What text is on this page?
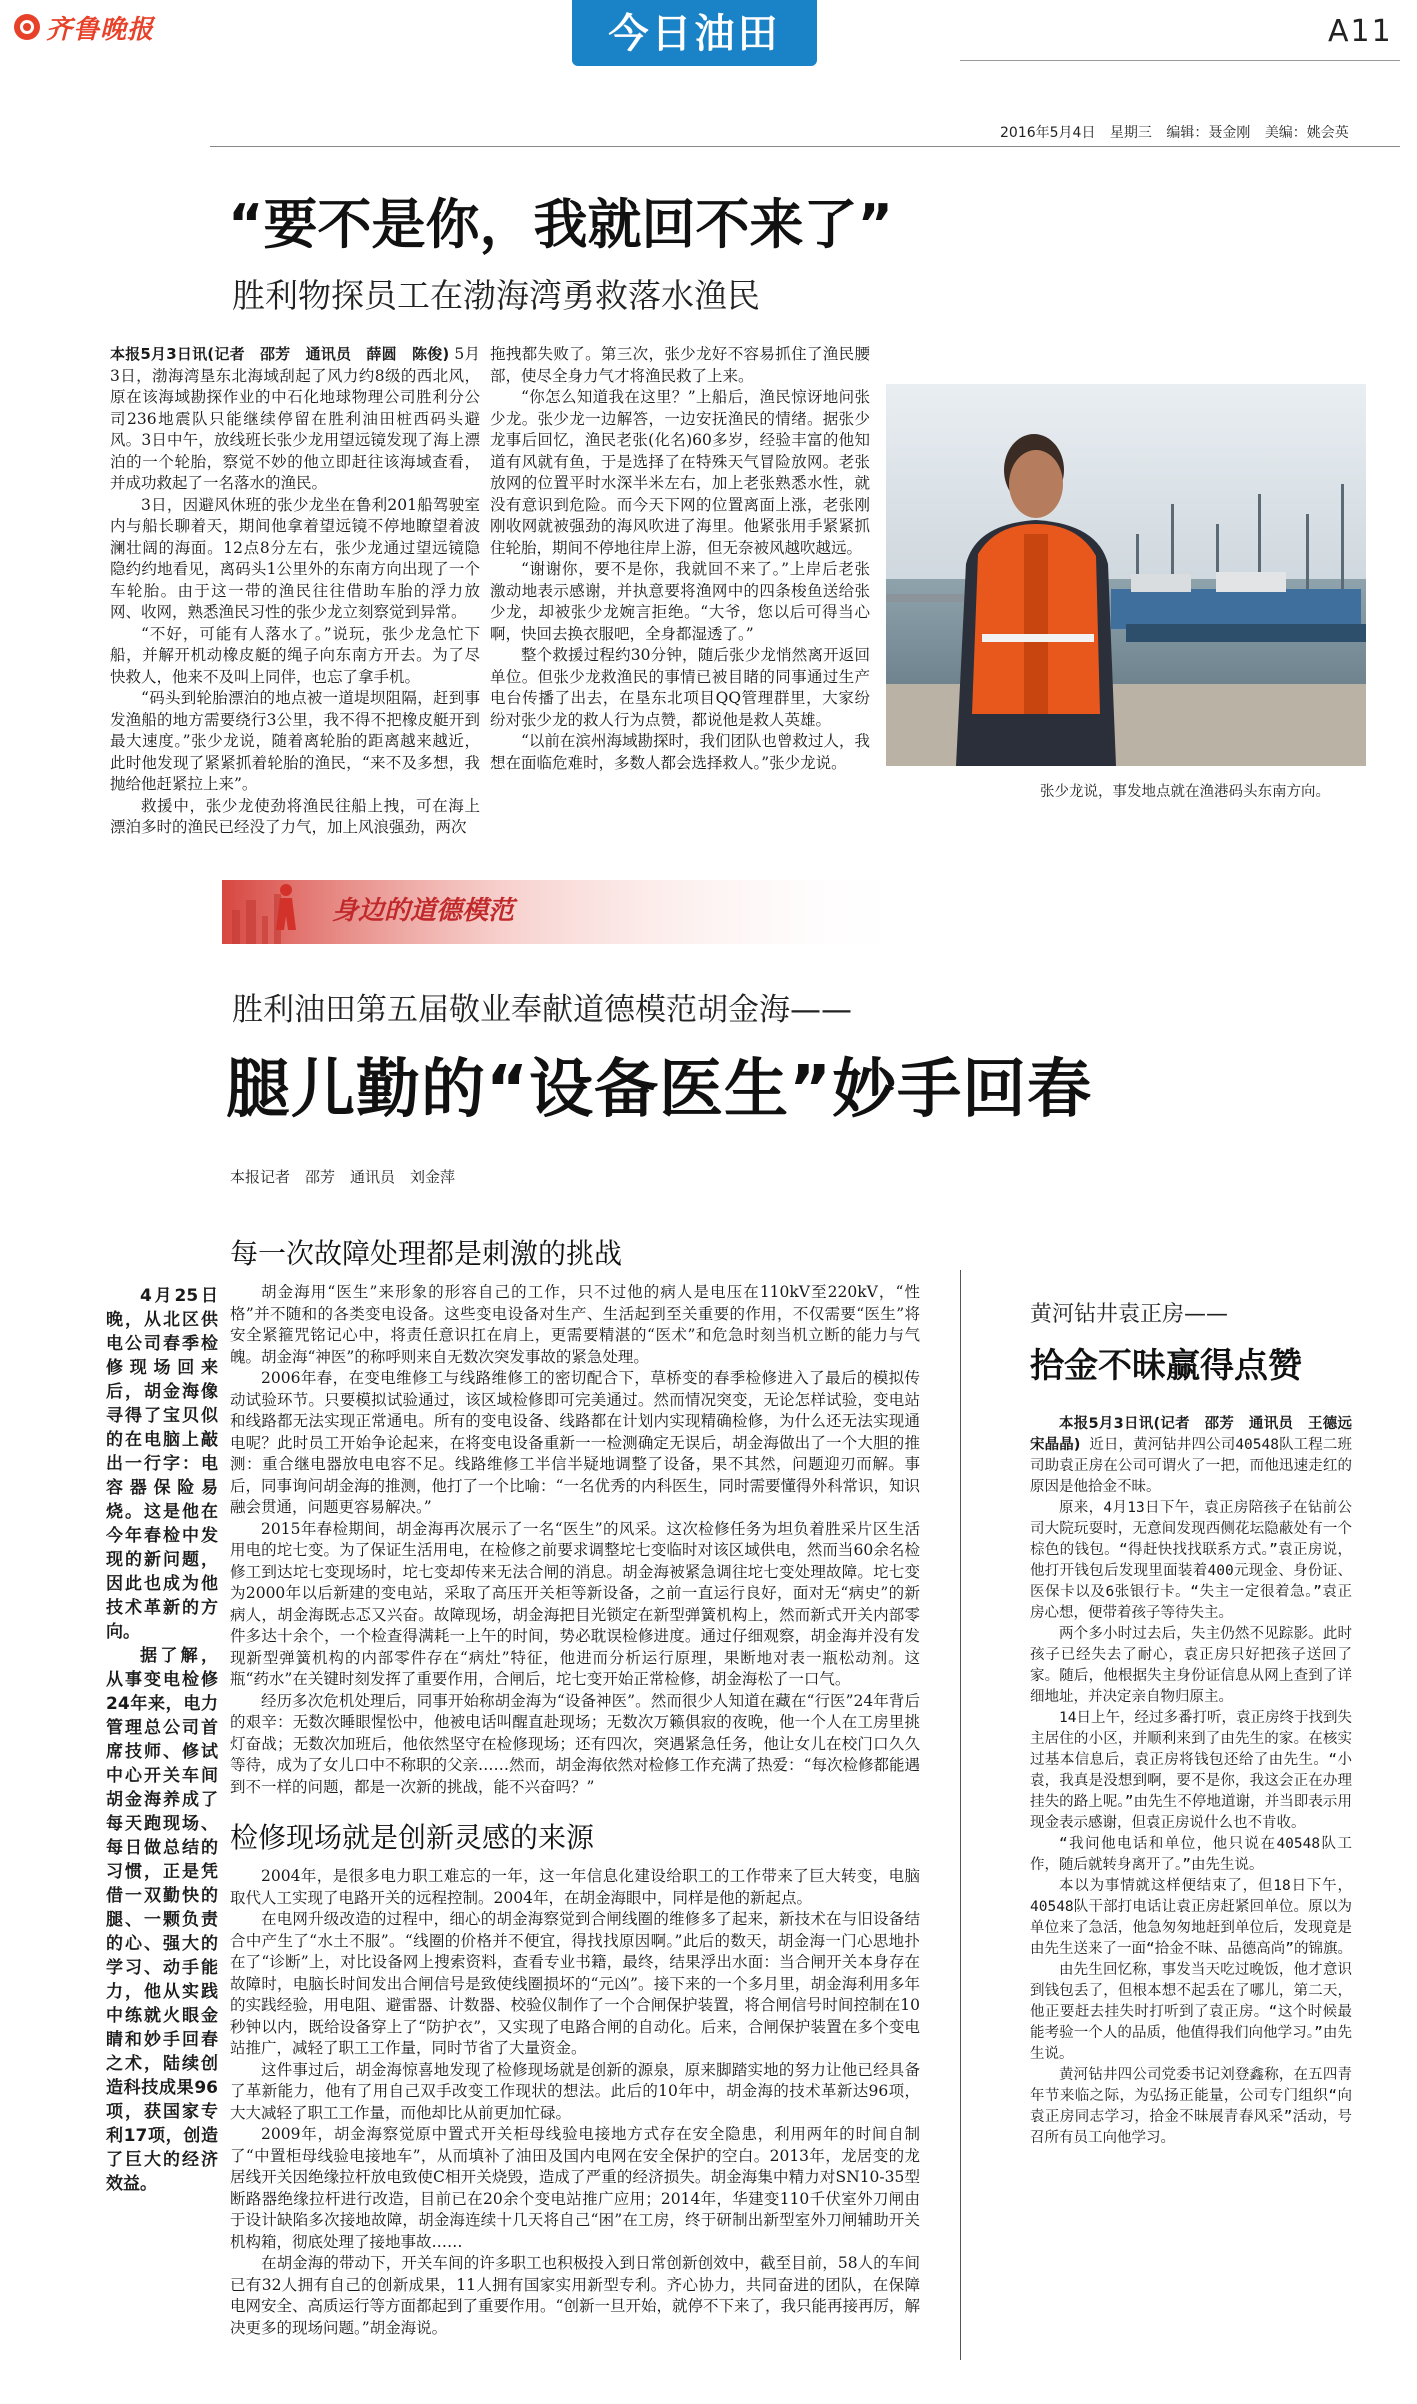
齐鲁晚报	今日油田	A11
2016年5月4日 星期三 编辑：聂金刚 美编：姚会英
“要不是你，我就回不来了”
胜利物探员工在渤海湾勇救落水渔民
本报5月3日讯(记者　邵芳　通讯员　薛圆　陈俊) 5月3日，渤海湾垦东北海域刮起了风力约8级的西北风，原在该海域勘探作业的中石化地球物理公司胜利分公司236地震队只能继续停留在胜利油田桩西码头避风。3日中午，放线班长张少龙用望远镜发现了海上漂泊的一个轮胎，察觉不妙的他立即赶往该海域查看，并成功救起了一名落水的渔民。

3日，因避风休班的张少龙坐在鲁利201船驾驶室内与船长聊着天，期间他拿着望远镜不停地瞭望着波澜壮阔的海面。12点8分左右，张少龙通过望远镜隐隐约约地看见，离码头1公里外的东南方向出现了一个车轮胎。由于这一带的渔民往往借助车胎的浮力放网、收网，熟悉渔民习性的张少龙立刻察觉到异常。

“不好，可能有人落水了。”说玩，张少龙急忙下船，并解开机动橡皮艇的绳子向东南方开去。为了尽快救人，他来不及叫上同伴，也忘了拿手机。

“码头到轮胎漂泊的地点被一道堤坝阻隔，赶到事发渔船的地方需要绕行3公里，我不得不把橡皮艇开到最大速度。”张少龙说，随着离轮胎的距离越来越近，此时他发现了紧紧抓着轮胎的渔民，“来不及多想，我抛给他赶紧拉上来”。

救援中，张少龙使劲将渔民往船上拽，可在海上漂泊多时的渔民已经没了力气，加上风浪强劲，两次

拖拽都失败了。第三次，张少龙好不容易抓住了渔民腰部，使尽全身力气才将渔民救了上来。

“你怎么知道我在这里？”上船后，渔民惊讶地问张少龙。张少龙一边解答，一边安抚渔民的情绪。据张少龙事后回忆，渔民老张(化名)60多岁，经验丰富的他知道有风就有鱼，于是选择了在特殊天气冒险放网。老张放网的位置平时水深半米左右，加上老张熟悉水性，就没有意识到危险。而今天下网的位置离面上涨，老张刚刚收网就被强劲的海风吹进了海里。他紧张用手紧紧抓住轮胎，期间不停地往岸上游，但无奈被风越吹越远。

“谢谢你，要不是你，我就回不来了。”上岸后老张激动地表示感谢，并执意要将渔网中的四条梭鱼送给张少龙，却被张少龙婉言拒绝。“大爷，您以后可得当心啊，快回去换衣服吧，全身都湿透了。”

整个救援过程约30分钟，随后张少龙悄然离开返回单位。但张少龙救渔民的事情已被目睹的同事通过生产电台传播了出去，在垦东北项目QQ管理群里，大家纷纷对张少龙的救人行为点赞，都说他是救人英雄。

“以前在滨州海域勘探时，我们团队也曾救过人，我想在面临危难时，多数人都会选择救人。”张少龙说。

张少龙说，事发地点就在渔港码头东南方向。
身边的道德模范
胜利油田第五届敬业奉献道德模范胡金海——
腿儿勤的“设备医生”妙手回春
本报记者　邵芳　通讯员　刘金萍

4月25日晚，从北区供电公司春季检修现场回来后，胡金海像寻得了宝贝似的在电脑上敲出一行字：电容器保险易烧。这是他在今年春检中发现的新问题，因此也成为他技术革新的方向。

据了解，从事变电检修24年来，电力管理总公司首席技师、修试中心开关车间胡金海养成了每天跑现场、每日做总结的习惯，正是凭借一双勤快的腿、一颗负责的心、强大的学习、动手能力，他从实践中练就火眼金睛和妙手回春之术，陆续创造科技成果96项，获国家专利17项，创造了巨大的经济效益。

每一次故障处理都是刺激的挑战

胡金海用“医生”来形象的形容自己的工作，只不过他的病人是电压在110kV至220kV，“性格”并不随和的各类变电设备。这些变电设备对生产、生活起到至关重要的作用，不仅需要“医生”将安全紧箍咒铭记心中，将责任意识扛在肩上，更需要精湛的“医术”和危急时刻当机立断的能力与气魄。胡金海“神医”的称呼则来自无数次突发事故的紧急处理。

2006年春，在变电维修工与线路维修工的密切配合下，草桥变的春季检修进入了最后的模拟传动试验环节。只要模拟试验通过，该区域检修即可完美通过。然而情况突变，无论怎样试验，变电站和线路都无法实现正常通电。所有的变电设备、线路都在计划内实现精确检修，为什么还无法实现通电呢？此时员工开始争论起来，在将变电设备重新一一检测确定无误后，胡金海做出了一个大胆的推测：重合继电器放电电容不足。线路维修工半信半疑地调整了设备，果不其然，问题迎刃而解。事后，同事询问胡金海的推测，他打了一个比喻：“一名优秀的内科医生，同时需要懂得外科常识，知识融会贯通，问题更容易解决。”

2015年春检期间，胡金海再次展示了一名“医生”的风采。这次检修任务为坦负着胜采片区生活用电的坨七变。为了保证生活用电，在检修之前要求调整坨七变临时对该区域供电，然而当60余名检修工到达坨七变现场时，坨七变却传来无法合闸的消息。胡金海被紧急调往坨七变处理故障。坨七变为2000年以后新建的变电站，采取了高压开关柜等新设备，之前一直运行良好，面对无“病史”的新病人，胡金海既忐忑又兴奋。故障现场，胡金海把目光锁定在新型弹簧机构上，然而新式开关内部零件多达十余个，一个检查得满耗一上午的时间，势必耽误检修进度。通过仔细观察，胡金海并没有发现新型弹簧机构的内部零件存在“病灶”特征，他进而分析运行原理，果断地对表一瓶松动剂。这瓶“药水”在关键时刻发挥了重要作用，合闸后，坨七变开始正常检修，胡金海松了一口气。

经历多次危机处理后，同事开始称胡金海为“设备神医”。然而很少人知道在藏在“行医”24年背后的艰辛：无数次睡眼惺忪中，他被电话叫醒直赴现场；无数次万籁俱寂的夜晚，他一个人在工房里挑灯奋战；无数次加班后，他依然坚守在检修现场；还有四次，突遇紧急任务，他让女儿在校门口久久等待，成为了女儿口中不称职的父亲……然而，胡金海依然对检修工作充满了热爱：“每次检修都能遇到不一样的问题，都是一次新的挑战，能不兴奋吗？”

检修现场就是创新灵感的来源

2004年，是很多电力职工难忘的一年，这一年信息化建设给职工的工作带来了巨大转变，电脑取代人工实现了电路开关的远程控制。2004年，在胡金海眼中，同样是他的新起点。

在电网升级改造的过程中，细心的胡金海察觉到合闸线圈的维修多了起来，新技术在与旧设备结合中产生了“水土不服”。“线圈的价格并不便宜，得找找原因啊。”此后的数天，胡金海一门心思地扑在了“诊断”上，对比设备网上搜索资料，查看专业书籍，最终，结果浮出水面：当合闸开关本身存在故障时，电脑长时间发出合闸信号是致使线圈损坏的“元凶”。接下来的一个多月里，胡金海利用多年的实践经验，用电阻、避雷器、计数器、校验仪制作了一个合闸保护装置，将合闸信号时间控制在10秒钟以内，既给设备穿上了“防护衣”，又实现了电路合闸的自动化。后来，合闸保护装置在多个变电站推广，减轻了职工工作量，同时节省了大量资金。

这件事过后，胡金海惊喜地发现了检修现场就是创新的源泉，原来脚踏实地的努力让他已经具备了革新能力，他有了用自己双手改变工作现状的想法。此后的10年中，胡金海的技术革新达96项，大大减轻了职工工作量，而他却比从前更加忙碌。

2009年，胡金海察觉原中置式开关柜母线验电接地方式存在安全隐患，利用两年的时间自制了“中置柜母线验电接地车”，从而填补了油田及国内电网在安全保护的空白。2013年，龙居变的龙居线开关因绝缘拉杆放电致使C相开关烧毁，造成了严重的经济损失。胡金海集中精力对SN10-35型断路器绝缘拉杆进行改造，目前已在20余个变电站推广应用；2014年，华建变110千伏室外刀闸由于设计缺陷多次接地故障，胡金海连续十几天将自己“困”在工房，终于研制出新型室外刀闸辅助开关机构箱，彻底处理了接地事故……

在胡金海的带动下，开关车间的许多职工也积极投入到日常创新创效中，截至目前，58人的车间已有32人拥有自己的创新成果，11人拥有国家实用新型专利。齐心协力，共同奋进的团队，在保障电网安全、高质运行等方面都起到了重要作用。“创新一旦开始，就停不下来了，我只能再接再厉，解决更多的现场问题。”胡金海说。

黄河钻井袁正房——
拾金不昧赢得点赞
本报5月3日讯(记者　邵芳　通讯员　王德远　宋晶晶) 近日，黄河钻井四公司40548队工程二班司助袁正房在公司可谓火了一把，而他迅速走红的原因是他拾金不昧。

原来，4月13日下午，袁正房陪孩子在钻前公司大院玩耍时，无意间发现西侧花坛隐蔽处有一个棕色的钱包。“得赶快找找联系方式。”袁正房说，他打开钱包后发现里面装着400元现金、身份证、医保卡以及6张银行卡。“失主一定很着急。”袁正房心想，便带着孩子等待失主。

两个多小时过去后，失主仍然不见踪影。此时孩子已经失去了耐心，袁正房只好把孩子送回了家。随后，他根据失主身份证信息从网上查到了详细地址，并决定亲自物归原主。

14日上午，经过多番打听，袁正房终于找到失主居住的小区，并顺利来到了由先生的家。在核实过基本信息后，袁正房将钱包还给了由先生。“小袁，我真是没想到啊，要不是你，我这会正在办理挂失的路上呢。”由先生不停地道谢，并当即表示用现金表示感谢，但袁正房说什么也不肯收。

“我问他电话和单位，他只说在40548队工作，随后就转身离开了。”由先生说。

本以为事情就这样便结束了，但18日下午，40548队干部打电话让袁正房赶紧回单位。原以为单位来了急活，他急匆匆地赶到单位后，发现竟是由先生送来了一面“拾金不昧、品德高尚”的锦旗。

由先生回忆称，事发当天吃过晚饭，他才意识到钱包丢了，但根本想不起丢在了哪儿，第二天，他正要赶去挂失时打听到了袁正房。“这个时候最能考验一个人的品质，他值得我们向他学习。”由先生说。

黄河钻井四公司党委书记刘登鑫称，在五四青年节来临之际，为弘扬正能量，公司专门组织“向袁正房同志学习，拾金不昧展青春风采”活动，号召所有员工向他学习。
